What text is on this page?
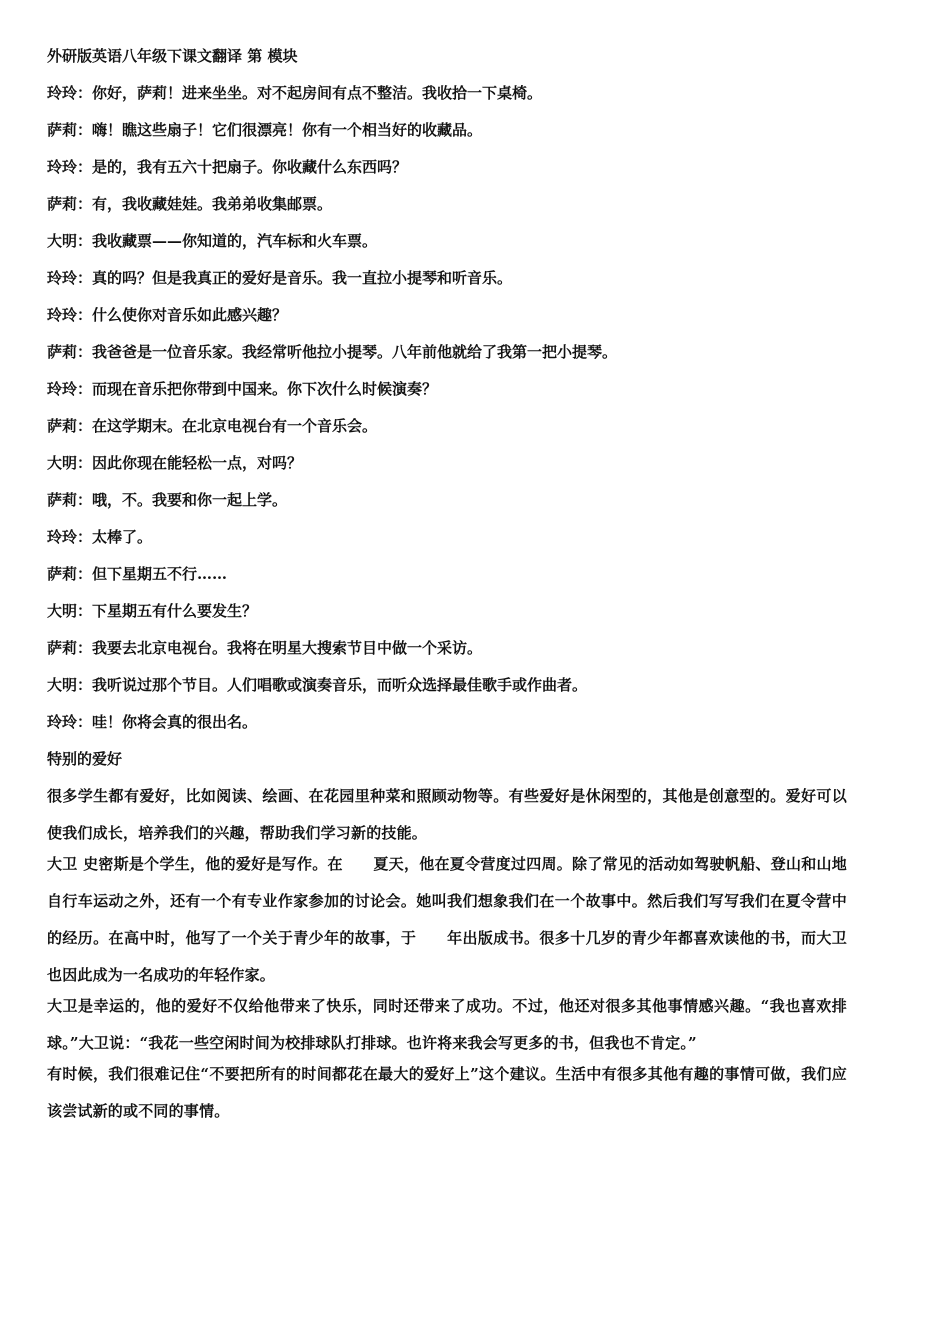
外研版英语八年级下课文翻译 第 模块
玲玲：你好，萨莉！进来坐坐。对不起房间有点不整洁。我收拾一下桌椅。
萨莉：嗨！瞧这些扇子！它们很漂亮！你有一个相当好的收藏品。
玲玲：是的，我有五六十把扇子。你收藏什么东西吗？
萨莉：有，我收藏娃娃。我弟弟收集邮票。
大明：我收藏票——你知道的，汽车标和火车票。
玲玲：真的吗？但是我真正的爱好是音乐。我一直拉小提琴和听音乐。
玲玲：什么使你对音乐如此感兴趣？
萨莉：我爸爸是一位音乐家。我经常听他拉小提琴。八年前他就给了我第一把小提琴。
玲玲：而现在音乐把你带到中国来。你下次什么时候演奏？
萨莉：在这学期末。在北京电视台有一个音乐会。
大明：因此你现在能轻松一点，对吗？
萨莉：哦，不。我要和你一起上学。
玲玲：太棒了。
萨莉：但下星期五不行……
大明：下星期五有什么要发生？
萨莉：我要去北京电视台。我将在明星大搜索节目中做一个采访。
大明：我听说过那个节目。人们唱歌或演奏音乐，而听众选择最佳歌手或作曲者。
玲玲：哇！你将会真的很出名。
特别的爱好
很多学生都有爱好，比如阅读、绘画、在花园里种菜和照顾动物等。有些爱好是休闲型的，其他是创意型的。爱好可以使我们成长，培养我们的兴趣，帮助我们学习新的技能。
大卫 史密斯是个学生，他的爱好是写作。在　　夏天，他在夏令营度过四周。除了常见的活动如驾驶帆船、登山和山地自行车运动之外，还有一个有专业作家参加的讨论会。她叫我们想象我们在一个故事中。然后我们写写我们在夏令营中的经历。在高中时，他写了一个关于青少年的故事，于　　年出版成书。很多十几岁的青少年都喜欢读他的书，而大卫也因此成为一名成功的年轻作家。
大卫是幸运的，他的爱好不仅给他带来了快乐，同时还带来了成功。不过，他还对很多其他事情感兴趣。“我也喜欢排球。”大卫说：“我花一些空闲时间为校排球队打排球。也许将来我会写更多的书，但我也不肯定。”
有时候，我们很难记住“不要把所有的时间都花在最大的爱好上”这个建议。生活中有很多其他有趣的事情可做，我们应该尝试新的或不同的事情。
